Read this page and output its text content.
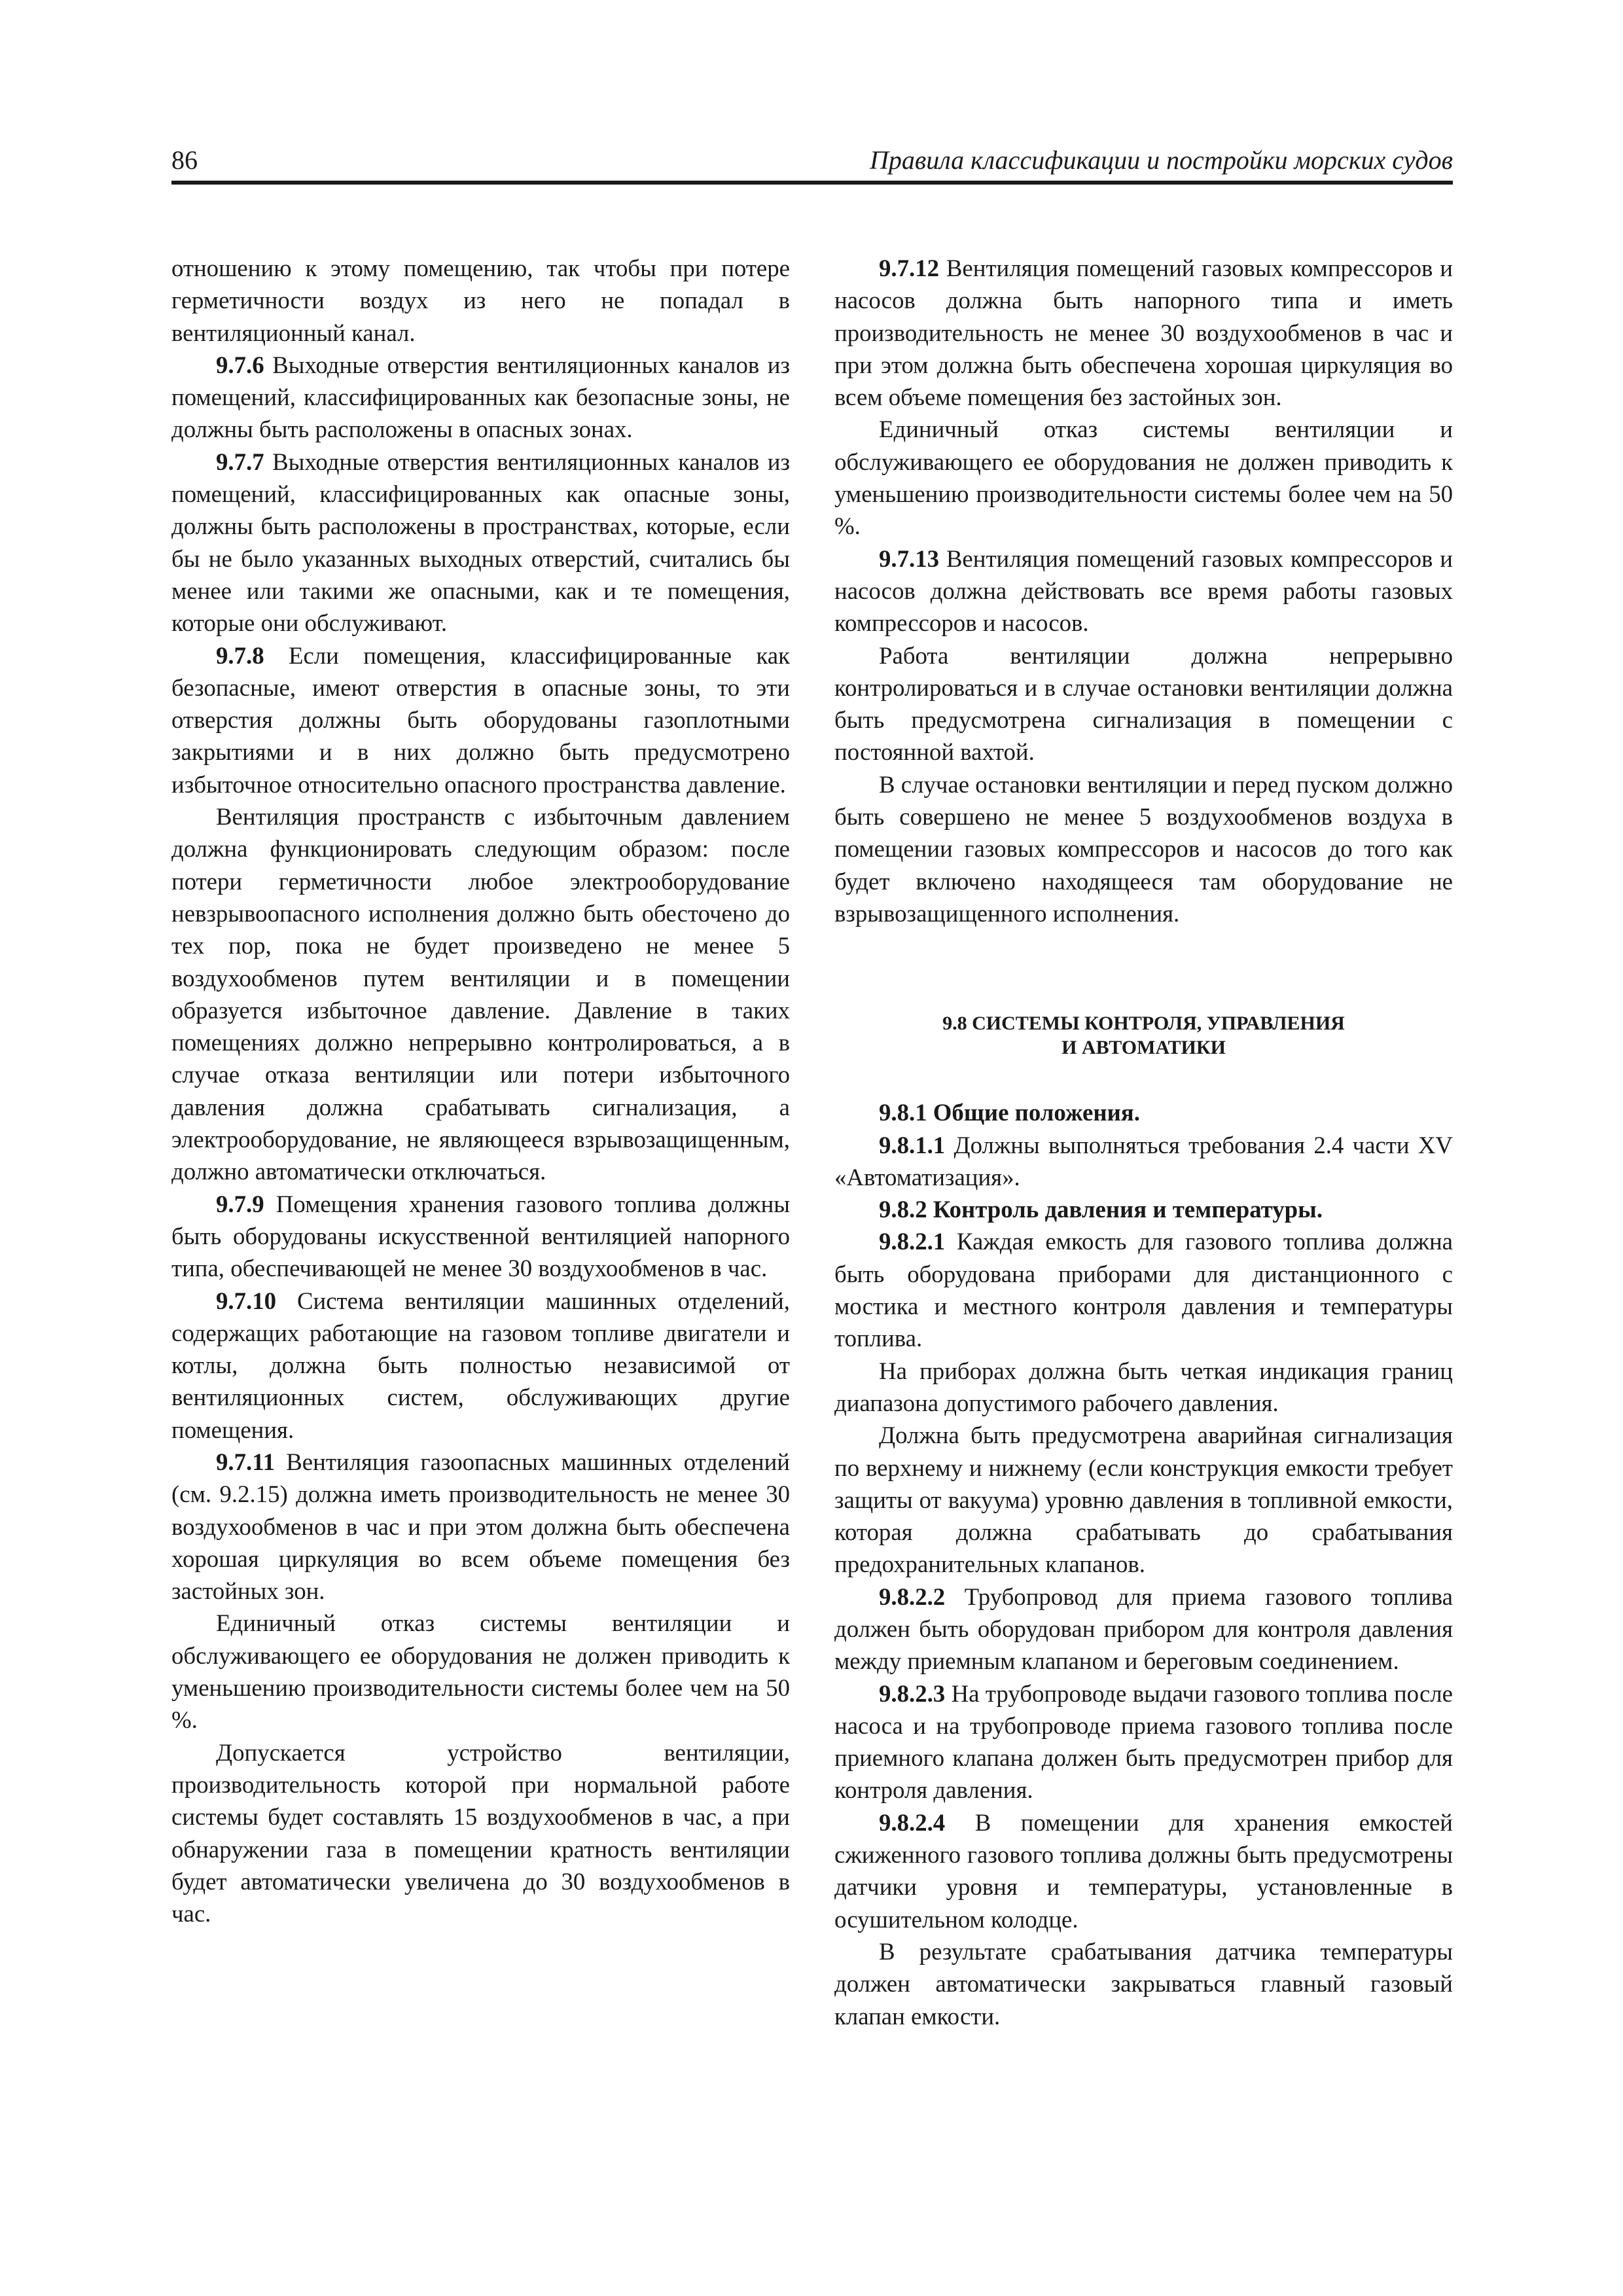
86	Правила классификации и постройки морских судов

отношению к этому помещению, так чтобы при потере герметичности воздух из него не попадал в вентиляционный канал.

9.7.6 Выходные отверстия вентиляционных каналов из помещений, классифицированных как безопасные зоны, не должны быть расположены в опасных зонах.

9.7.7 Выходные отверстия вентиляционных каналов из помещений, классифицированных как опасные зоны, должны быть расположены в пространствах, которые, если бы не было указанных выходных отверстий, считались бы менее или такими же опасными, как и те помещения, которые они обслуживают.

9.7.8 Если помещения, классифицированные как безопасные, имеют отверстия в опасные зоны, то эти отверстия должны быть оборудованы газоплотными закрытиями и в них должно быть предусмотрено избыточное относительно опасного пространства давление.

Вентиляция пространств с избыточным давлением должна функционировать следующим образом: после потери герметичности любое электрооборудование невзрывоопасного исполнения должно быть обесточено до тех пор, пока не будет произведено не менее 5 воздухообменов путем вентиляции и в помещении образуется избыточное давление. Давление в таких помещениях должно непрерывно контролироваться, а в случае отказа вентиляции или потери избыточного давления должна срабатывать сигнализация, а электрооборудование, не являющееся взрывозащищенным, должно автоматически отключаться.

9.7.9 Помещения хранения газового топлива должны быть оборудованы искусственной вентиляцией напорного типа, обеспечивающей не менее 30 воздухообменов в час.

9.7.10 Система вентиляции машинных отделений, содержащих работающие на газовом топливе двигатели и котлы, должна быть полностью независимой от вентиляционных систем, обслуживающих другие помещения.

9.7.11 Вентиляция газоопасных машинных отделений (см. 9.2.15) должна иметь производительность не менее 30 воздухообменов в час и при этом должна быть обеспечена хорошая циркуляция во всем объеме помещения без застойных зон.

Единичный отказ системы вентиляции и обслуживающего ее оборудования не должен приводить к уменьшению производительности системы более чем на 50 %.

Допускается устройство вентиляции, производительность которой при нормальной работе системы будет составлять 15 воздухообменов в час, а при обнаружении газа в помещении кратность вентиляции будет автоматически увеличена до 30 воздухообменов в час.

9.7.12 Вентиляция помещений газовых компрессоров и насосов должна быть напорного типа и иметь производительность не менее 30 воздухообменов в час и при этом должна быть обеспечена хорошая циркуляция во всем объеме помещения без застойных зон.

Единичный отказ системы вентиляции и обслуживающего ее оборудования не должен приводить к уменьшению производительности системы более чем на 50 %.

9.7.13 Вентиляция помещений газовых компрессоров и насосов должна действовать все время работы газовых компрессоров и насосов.

Работа вентиляции должна непрерывно контролироваться и в случае остановки вентиляции должна быть предусмотрена сигнализация в помещении с постоянной вахтой.

В случае остановки вентиляции и перед пуском должно быть совершено не менее 5 воздухообменов воздуха в помещении газовых компрессоров и насосов до того как будет включено находящееся там оборудование не взрывозащищенного исполнения.

9.8 СИСТЕМЫ КОНТРОЛЯ, УПРАВЛЕНИЯ

И АВТОМАТИКИ

9.8.1 Общие положения.

9.8.1.1 Должны выполняться требования 2.4 части XV «Автоматизация».

9.8.2 Контроль давления и температуры.

9.8.2.1 Каждая емкость для газового топлива должна быть оборудована приборами для дистанционного с мостика и местного контроля давления и температуры топлива.

На приборах должна быть четкая индикация границ диапазона допустимого рабочего давления.

Должна быть предусмотрена аварийная сигнализация по верхнему и нижнему (если конструкция емкости требует защиты от вакуума) уровню давления в топливной емкости, которая должна срабатывать до срабатывания предохранительных клапанов.

9.8.2.2 Трубопровод для приема газового топлива должен быть оборудован прибором для контроля давления между приемным клапаном и береговым соединением.

9.8.2.3 На трубопроводе выдачи газового топлива после насоса и на трубопроводе приема газового топлива после приемного клапана должен быть предусмотрен прибор для контроля давления.

9.8.2.4 В помещении для хранения емкостей сжиженного газового топлива должны быть предусмотрены датчики уровня и температуры, установленные в осушительном колодце.

В результате срабатывания датчика температуры должен автоматически закрываться главный газовый клапан емкости.
